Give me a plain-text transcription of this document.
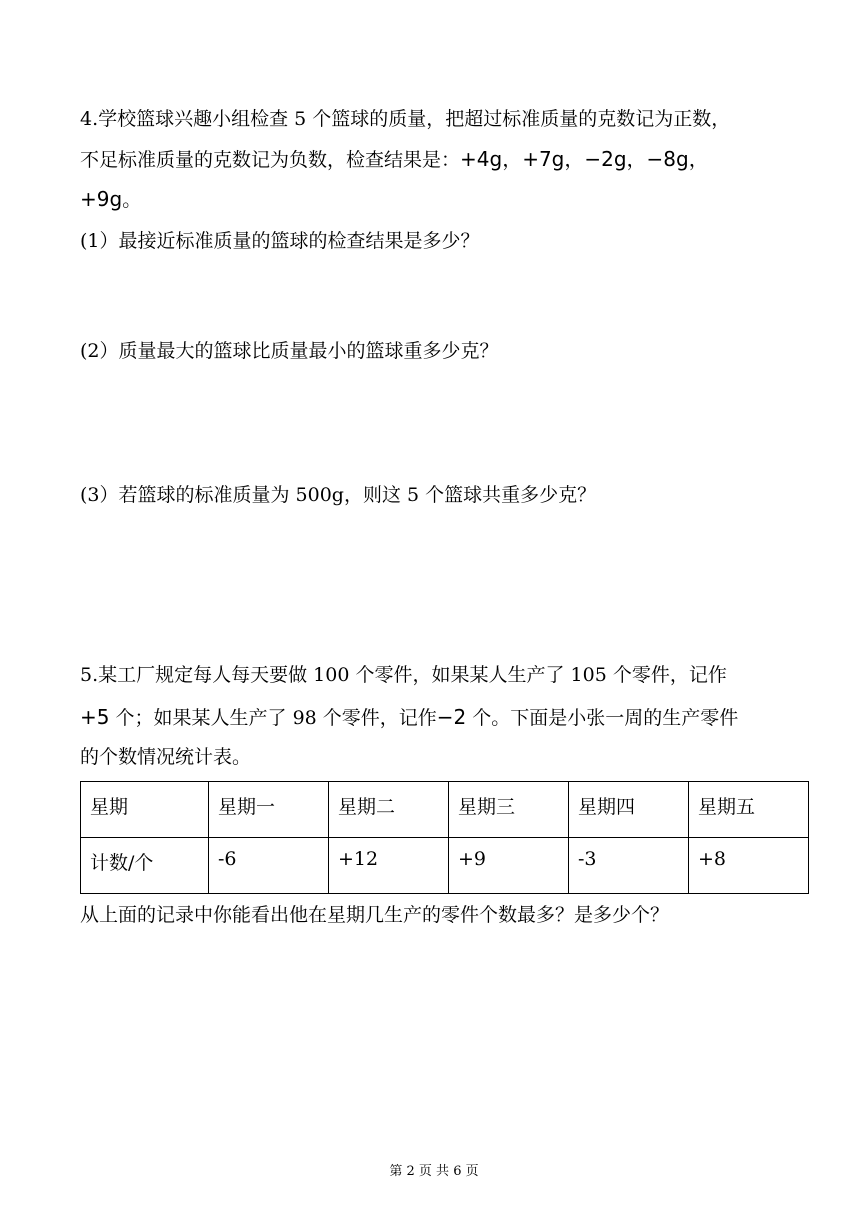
4.学校篮球兴趣小组检查 5 个篮球的质量，把超过标准质量的克数记为正数，
不足标准质量的克数记为负数，检查结果是：+4g，+7g，−2g，−8g，
+9g。
(1）最接近标准质量的篮球的检查结果是多少？
(2）质量最大的篮球比质量最小的篮球重多少克？
(3）若篮球的标准质量为 500g，则这 5 个篮球共重多少克？
5.某工厂规定每人每天要做 100 个零件，如果某人生产了 105 个零件，记作
+5 个；如果某人生产了 98 个零件，记作−2 个。下面是小张一周的生产零件
的个数情况统计表。
星期	星期一	星期二	星期三	星期四	星期五
计数/个	-6	+12	+9	-3	+8
从上面的记录中你能看出他在星期几生产的零件个数最多？是多少个？
第 2 页 共 6 页
